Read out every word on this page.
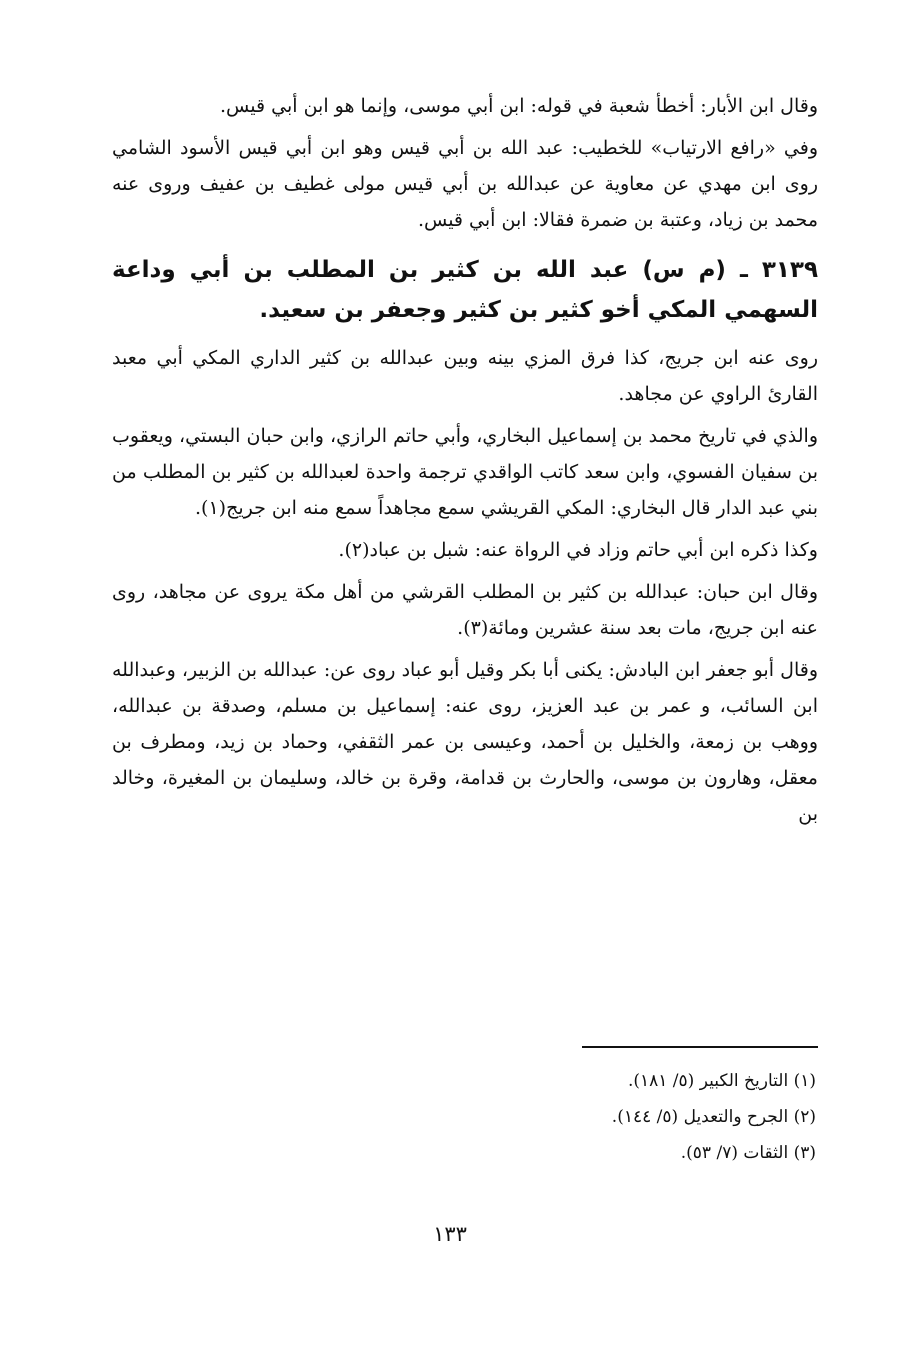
وقال ابن الأبار: أخطأ شعبة في قوله: ابن أبي موسى، وإنما هو ابن أبي قيس.

وفي «رافع الارتياب» للخطيب: عبد الله بن أبي قيس وهو ابن أبي قيس الأسود الشامي روى ابن مهدي عن معاوية عن عبدالله بن أبي قيس مولى غطيف بن عفيف وروى عنه محمد بن زياد، وعتبة بن ضمرة فقالا: ابن أبي قيس.

٣١٣٩ ـ (م س) عبد الله بن كثير بن المطلب بن أبي وداعة السهمي المكي أخو كثير بن كثير وجعفر بن سعيد.

روى عنه ابن جريج، كذا فرق المزي بينه وبين عبدالله بن كثير الداري المكي أبي معبد القارئ الراوي عن مجاهد.

والذي في تاريخ محمد بن إسماعيل البخاري، وأبي حاتم الرازي، وابن حبان البستي، ويعقوب بن سفيان الفسوي، وابن سعد كاتب الواقدي ترجمة واحدة لعبدالله بن كثير بن المطلب من بني عبد الدار قال البخاري: المكي القريشي سمع مجاهداً سمع منه ابن جريج(١).

وكذا ذكره ابن أبي حاتم وزاد في الرواة عنه: شبل بن عباد(٢).

وقال ابن حبان: عبدالله بن كثير بن المطلب القرشي من أهل مكة يروى عن مجاهد، روى عنه ابن جريج، مات بعد سنة عشرين ومائة(٣).

وقال أبو جعفر ابن البادش: يكنى أبا بكر وقيل أبو عباد روى عن: عبدالله بن الزبير، وعبدالله ابن السائب، و عمر بن عبد العزيز، روى عنه: إسماعيل بن مسلم، وصدقة بن عبدالله، ووهب بن زمعة، والخليل بن أحمد، وعيسى بن عمر الثقفي، وحماد بن زيد، ومطرف بن معقل، وهارون بن موسى، والحارث بن قدامة، وقرة بن خالد، وسليمان بن المغيرة، وخالد بن

(١) التاريخ الكبير (٥/ ١٨١).

(٢) الجرح والتعديل (٥/ ١٤٤).

(٣) الثقات (٧/ ٥٣).

١٣٣
